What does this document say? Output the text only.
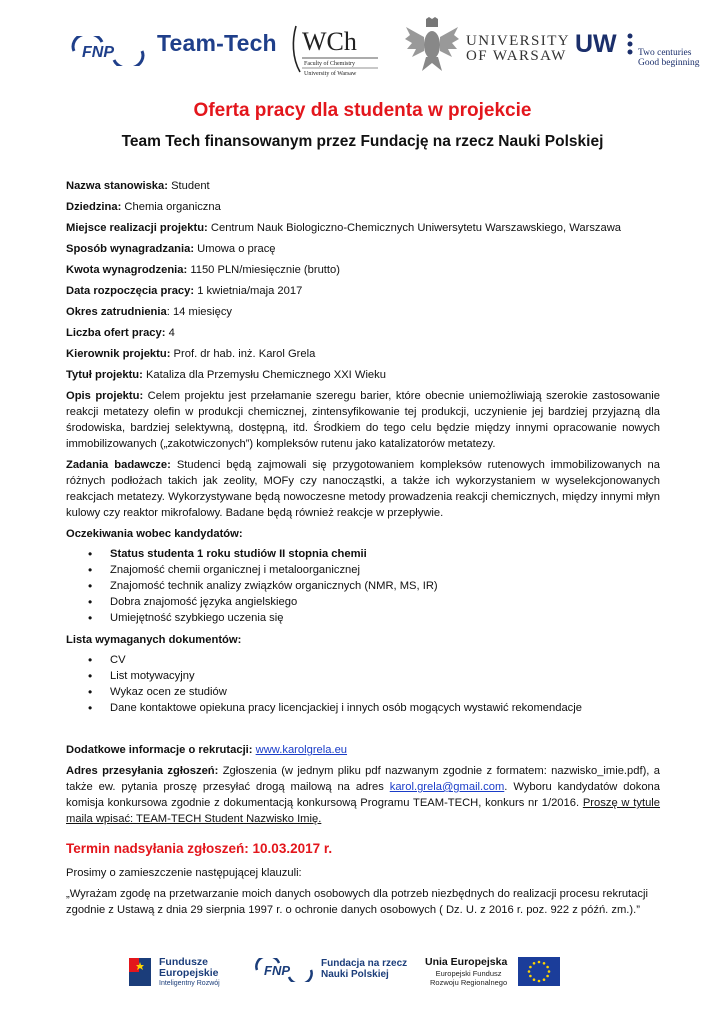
FNP Team-Tech WCh
Faculty of Chemistry
University of Warsaw
UNIVERSITY
OF WARSAW UW Two centuries
Good beginning
Oferta pracy dla studenta w projekcie
Team Tech finansowanym przez Fundację na rzecz Nauki Polskiej

Nazwa stanowiska: Student

Dziedzina: Chemia organiczna

Miejsce realizacji projektu: Centrum Nauk Biologiczno-Chemicznych Uniwersytetu Warszawskiego, Warszawa

Sposób wynagradzania: Umowa o pracę

Kwota wynagrodzenia: 1150 PLN/miesięcznie (brutto)

Data rozpoczęcia pracy: 1 kwietnia/maja 2017

Okres zatrudnienia: 14 miesięcy

Liczba ofert pracy: 4

Kierownik projektu: Prof. dr hab. inż. Karol Grela

Tytuł projektu: Kataliza dla Przemysłu Chemicznego XXI Wieku

Opis projektu: Celem projektu jest przełamanie szeregu barier, które obecnie uniemożliwiają szerokie zastosowanie reakcji metatezy olefin w produkcji chemicznej, zintensyfikowanie tej produkcji, uczynienie jej bardziej przyjazną dla środowiska, bardziej selektywną, dostępną, itd. Środkiem do tego celu będzie między innymi opracowanie nowych immobilizowanych („zakotwiczonych”) kompleksów rutenu jako katalizatorów metatezy.

Zadania badawcze: Studenci będą zajmowali się przygotowaniem kompleksów rutenowych immobilizowanych na różnych podłożach takich jak zeolity, MOFy czy nanocząstki, a także ich wykorzystaniem w wyselekcjonowanych reakcjach metatezy. Wykorzystywane będą nowoczesne metody prowadzenia reakcji chemicznych, między innymi młyn kulowy czy reaktor mikrofalowy. Badane będą również reakcje w przepływie.

Oczekiwania wobec kandydatów:

• Status studenta 1 roku studiów II stopnia chemii
• Znajomość chemii organicznej i metaloorganicznej
• Znajomość technik analizy związków organicznych (NMR, MS, IR)
• Dobra znajomość języka angielskiego
• Umiejętność szybkiego uczenia się

Lista wymaganych dokumentów:

• CV
• List motywacyjny
• Wykaz ocen ze studiów
• Dane kontaktowe opiekuna pracy licencjackiej i innych osób mogących wystawić rekomendacje

Dodatkowe informacje o rekrutacji: www.karolgrela.eu

Adres przesyłania zgłoszeń: Zgłoszenia (w jednym pliku pdf nazwanym zgodnie z formatem: nazwisko_imie.pdf), a także ew. pytania proszę przesyłać drogą mailową na adres karol.grela@gmail.com. Wyboru kandydatów dokona komisja konkursowa zgodnie z dokumentacją konkursową Programu TEAM-TECH, konkurs nr 1/2016. Proszę w tytule maila wpisać: TEAM-TECH Student Nazwisko Imię.

Termin nadsyłania zgłoszeń: 10.03.2017 r.

Prosimy o zamieszczenie następującej klauzuli:

„Wyrażam zgodę na przetwarzanie moich danych osobowych dla potrzeb niezbędnych do realizacji procesu rekrutacji zgodnie z Ustawą z dnia 29 sierpnia 1997 r. o ochronie danych osobowych ( Dz. U. z 2016 r. poz. 922 z późń. zm.).”

Fundusze
Europejskie
Inteligentny Rozwój
FNP	Fundacja na rzecz
Nauki Polskiej
Unia Europejska
Europejski Fundusz
Rozwoju Regionalnego
